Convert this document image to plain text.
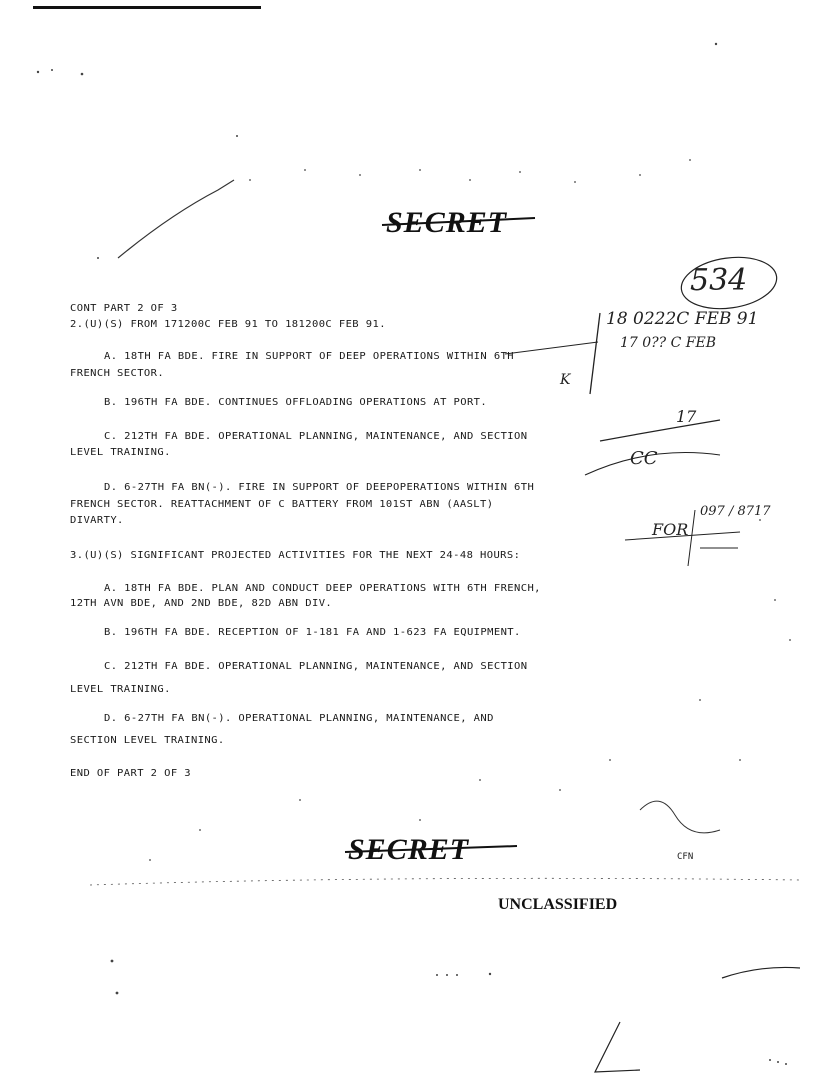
SECRET
SECRET
534
18 0222C FEB 91
17 0?? C FEB
K
17
CC
FOR
097 / 8717
CFN
CONT PART 2 OF 3
2.(U)(S) FROM 171200C FEB 91 TO 181200C FEB 91.
A. 18TH FA BDE. FIRE IN SUPPORT OF DEEP OPERATIONS WITHIN 6TH
FRENCH SECTOR.
B. 196TH FA BDE. CONTINUES OFFLOADING OPERATIONS AT PORT.
C. 212TH FA BDE. OPERATIONAL PLANNING, MAINTENANCE, AND SECTION
LEVEL TRAINING.
D. 6-27TH FA BN(-). FIRE IN SUPPORT OF DEEPOPERATIONS WITHIN 6TH
FRENCH SECTOR. REATTACHMENT OF C BATTERY FROM 101ST ABN (AASLT)
DIVARTY.
3.(U)(S) SIGNIFICANT PROJECTED ACTIVITIES FOR THE NEXT 24-48 HOURS:
A. 18TH FA BDE. PLAN AND CONDUCT DEEP OPERATIONS WITH 6TH FRENCH,
12TH AVN BDE, AND 2ND BDE, 82D ABN DIV.
B. 196TH FA BDE. RECEPTION OF 1-181 FA AND 1-623 FA EQUIPMENT.
C. 212TH FA BDE. OPERATIONAL PLANNING, MAINTENANCE, AND SECTION
LEVEL TRAINING.
D. 6-27TH FA BN(-). OPERATIONAL PLANNING, MAINTENANCE, AND
SECTION LEVEL TRAINING.
END OF PART 2 OF 3
UNCLASSIFIED
